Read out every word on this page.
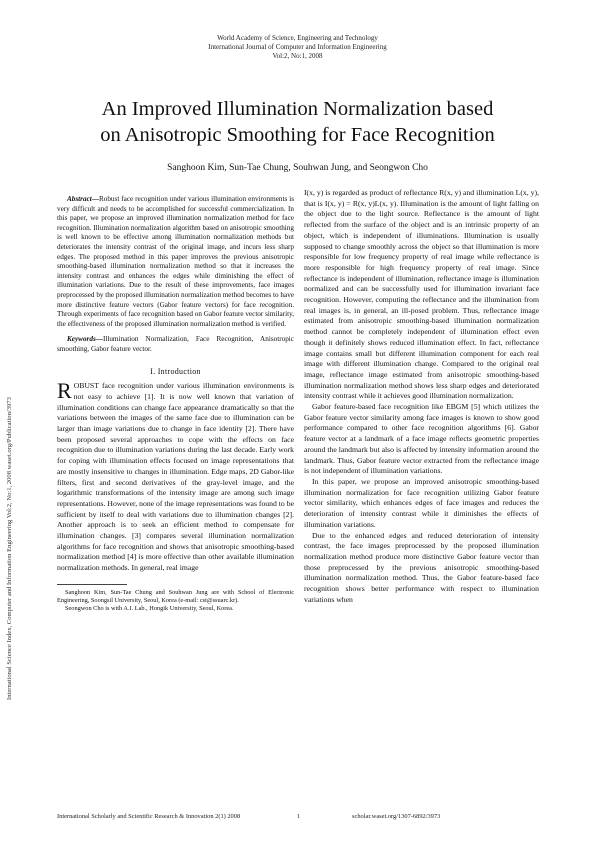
World Academy of Science, Engineering and Technology
International Journal of Computer and Information Engineering
Vol:2, No:1, 2008
An Improved Illumination Normalization based
on Anisotropic Smoothing for Face Recognition
Sanghoon Kim, Sun-Tae Chung, Souhwan Jung, and Seongwon Cho
International Science Index, Computer and Information Engineering Vol:2, No:1, 2008 waset.org/Publication/3973

Abstract—Robust face recognition under various illumination environments is very difficult and needs to be accomplished for successful commercialization. In this paper, we propose an improved illumination normalization method for face recognition. Illumination normalization algorithm based on anisotropic smoothing is well known to be effective among illumination normalization methods but deteriorates the intensity contrast of the original image, and incurs less sharp edges. The proposed method in this paper improves the previous anisotropic smoothing-based illumination normalization method so that it increases the intensity contrast and enhances the edges while diminishing the effect of illumination variations. Due to the result of these improvements, face images preprocessed by the proposed illumination normalization method becomes to have more distinctive feature vectors (Gabor feature vectors) for face recognition. Through experiments of face recognition based on Gabor feature vector similarity, the effectiveness of the proposed illumination normalization method is verified.

Keywords—Illumination Normalization, Face Recognition, Anisotropic smoothing, Gabor feature vector.

I. Introduction

ROBUST face recognition under various illumination environments is not easy to achieve [1]. It is now well known that variation of illumination conditions can change face appearance dramatically so that the variations between the images of the same face due to illumination can be larger than image variations due to change in face identity [2]. There have been proposed several approaches to cope with the effects on face recognition due to illumination variations during the last decade. Early work for coping with illumination effects focused on image representations that are mostly insensitive to changes in illumination. Edge maps, 2D Gabor-like filters, first and second derivatives of the gray-level image, and the logarithmic transformations of the intensity image are among such image representations. However, none of the image representations was found to be sufficient by itself to deal with variations due to illumination changes [2]. Another approach is to seek an efficient method to compensate for illumination changes. [3] compares several illumination normalization algorithms for face recognition and shows that anisotropic smoothing-based normalization method [4] is more effective than other available illumination normalization methods. In general, real image

Sanghoon Kim, Sun-Tae Chung and Souhwan Jung are with School of Electronic Engineering, Soongsil University, Seoul, Korea (e-mail: cst@ssuarc.kr).

Seongwon Cho is with A.I. Lab., Hongik University, Seoul, Korea.

I(x, y) is regarded as product of reflectance R(x, y) and illumination L(x, y), that is I(x, y) = R(x, y)L(x, y). Illumination is the amount of light falling on the object due to the light source. Reflectance is the amount of light reflected from the surface of the object and is an intrinsic property of an object, which is independent of illuminations. Illumination is usually supposed to change smoothly across the object so that illumination is more responsible for low frequency property of real image while reflectance is more responsible for high frequency property of real image. Since reflectance is independent of illumination, reflectance image is illumination normalized and can be successfully used for illumination invariant face recognition. However, computing the reflectance and the illumination from real images is, in general, an ill-posed problem. Thus, reflectance image estimated from anisotropic smoothing-based illumination normalization method cannot be completely independent of illumination effect even though it definitely shows reduced illumination effect. In fact, reflectance image contains small but different illumination component for each real image with different illumination change. Compared to the original real image, reflectance image estimated from anisotropic smoothing-based illumination normalization method shows less sharp edges and deteriorated intensity contrast while it achieves good illumination normalization.

Gabor feature-based face recognition like EBGM [5] which utilizes the Gabor feature vector similarity among face images is known to show good performance compared to other face recognition algorithms [6]. Gabor feature vector at a landmark of a face image reflects geometric properties around the landmark but also is affected by intensity information around the landmark. Thus, Gabor feature vector extracted from the reflectance image is not independent of illumination variations.

In this paper, we propose an improved anisotropic smoothing-based illumination normalization for face recognition utilizing Gabor feature vector similarity, which enhances edges of face images and reduces the deterioration of intensity contrast while it diminishes the effects of illumination variations.

Due to the enhanced edges and reduced deterioration of intensity contrast, the face images preprocessed by the proposed illumination normalization method produce more distinctive Gabor feature vector than those preprocessed by the previous anisotropic smoothing-based illumination normalization method. Thus, the Gabor feature-based face recognition shows better performance with respect to illumination variations when

International Scholarly and Scientific Research & Innovation 2(1) 2008	1	scholar.waset.org/1307-6892/3973
